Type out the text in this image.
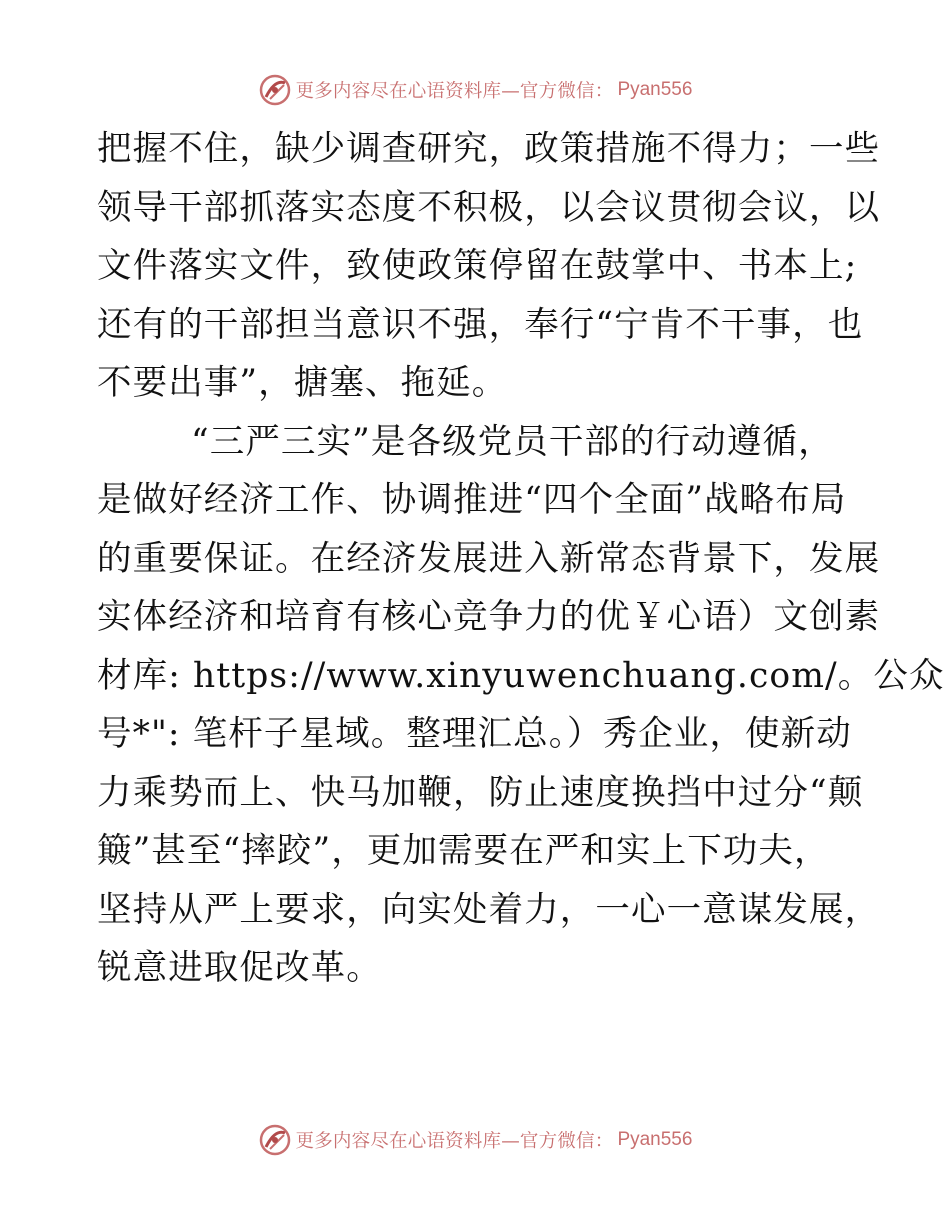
更多内容尽在心语资料库—官方微信： Pyan556
把握不住，缺少调查研究，政策措施不得力；一些
领导干部抓落实态度不积极，以会议贯彻会议，以
文件落实文件，致使政策停留在鼓掌中、书本上;
还有的干部担当意识不强，奉行“宁肯不干事，也
不要出事”，搪塞、拖延。
“三严三实”是各级党员干部的行动遵循，
是做好经济工作、协调推进“四个全面”战略布局
的重要保证。在经济发展进入新常态背景下，发展
实体经济和培育有核心竞争力的优￥心语）文创素
材库: https://www.xinyuwenchuang.com/。公众
号*": 笔杆子星域。整理汇总。）秀企业，使新动
力乘势而上、快马加鞭，防止速度换挡中过分“颠
簸”甚至“摔跤”，更加需要在严和实上下功夫，
坚持从严上要求，向实处着力，一心一意谋发展，
锐意进取促改革。
更多内容尽在心语资料库—官方微信： Pyan556
